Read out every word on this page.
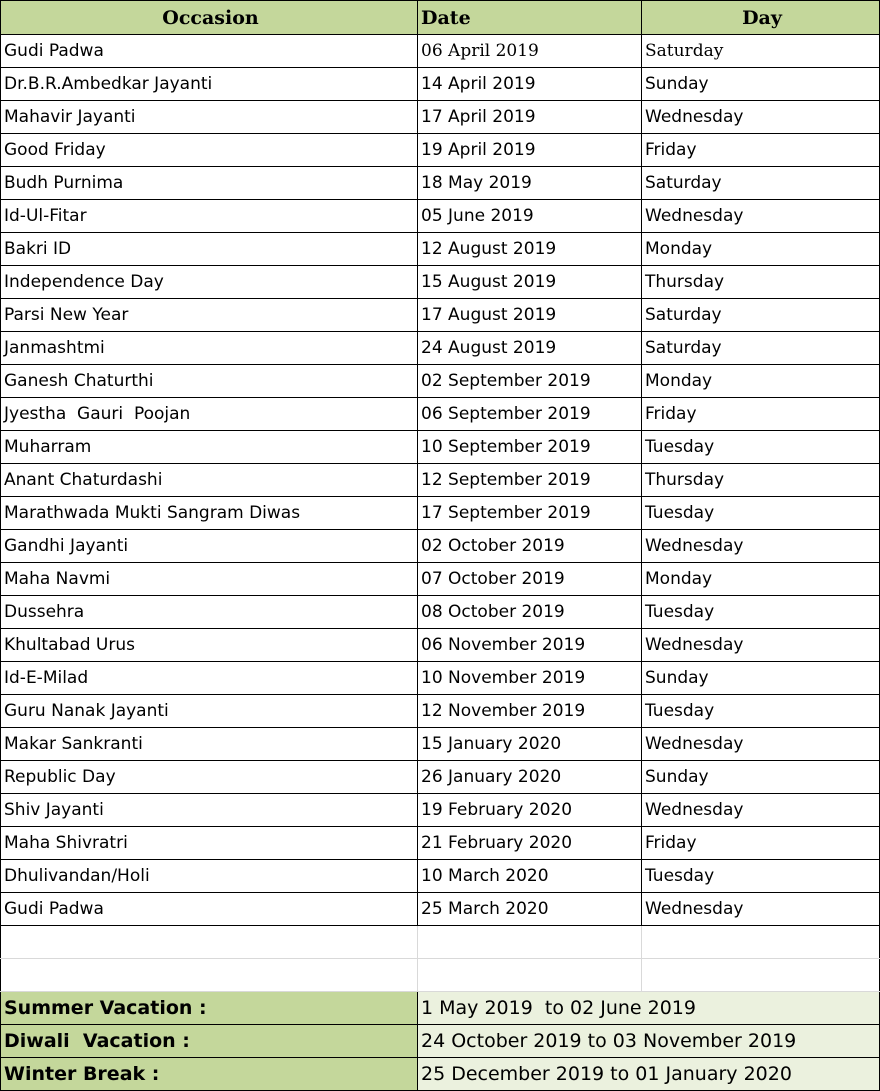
Occasion	Date	Day
Gudi Padwa	06 April 2019	Saturday
Dr.B.R.Ambedkar Jayanti	14 April 2019	Sunday
Mahavir Jayanti	17 April 2019	Wednesday
Good Friday	19 April 2019	Friday
Budh Purnima	18 May 2019	Saturday
Id-Ul-Fitar	05 June 2019	Wednesday
Bakri ID	12 August 2019	Monday
Independence Day	15 August 2019	Thursday
Parsi New Year	17 August 2019	Saturday
Janmashtmi	24 August 2019	Saturday
Ganesh Chaturthi	02 September 2019	Monday
Jyestha  Gauri  Poojan	06 September 2019	Friday
Muharram	10 September 2019	Tuesday
Anant Chaturdashi	12 September 2019	Thursday
Marathwada Mukti Sangram Diwas	17 September 2019	Tuesday
Gandhi Jayanti	02 October 2019	Wednesday
Maha Navmi	07 October 2019	Monday
Dussehra	08 October 2019	Tuesday
Khultabad Urus	06 November 2019	Wednesday
Id-E-Milad	10 November 2019	Sunday
Guru Nanak Jayanti	12 November 2019	Tuesday
Makar Sankranti	15 January 2020	Wednesday
Republic Day	26 January 2020	Sunday
Shiv Jayanti	19 February 2020	Wednesday
Maha Shivratri	21 February 2020	Friday
Dhulivandan/Holi	10 March 2020	Tuesday
Gudi Padwa	25 March 2020	Wednesday

Summer Vacation :	1 May 2019  to 02 June 2019	
Diwali  Vacation :	24 October 2019 to 03 November 2019	
Winter Break :	25 December 2019 to 01 January 2020	
